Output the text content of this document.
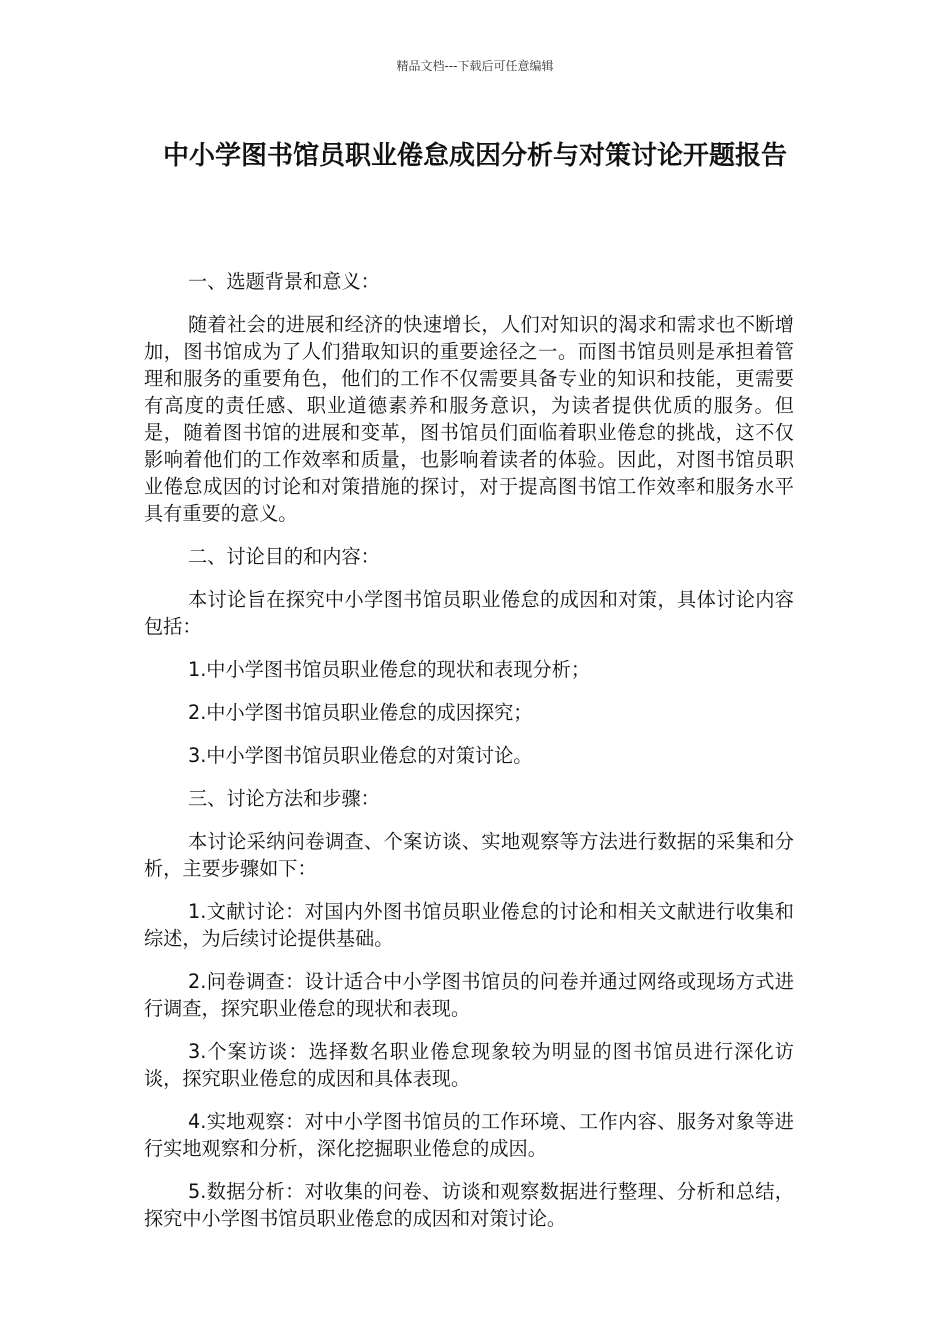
精品文档---下载后可任意编辑
中小学图书馆员职业倦怠成因分析与对策讨论开题报告

一、选题背景和意义：

随着社会的进展和经济的快速增长，人们对知识的渴求和需求也不断增加，图书馆成为了人们猎取知识的重要途径之一。而图书馆员则是承担着管理和服务的重要角色，他们的工作不仅需要具备专业的知识和技能，更需要有高度的责任感、职业道德素养和服务意识，为读者提供优质的服务。但是，随着图书馆的进展和变革，图书馆员们面临着职业倦怠的挑战，这不仅影响着他们的工作效率和质量，也影响着读者的体验。因此，对图书馆员职业倦怠成因的讨论和对策措施的探讨，对于提高图书馆工作效率和服务水平具有重要的意义。

二、讨论目的和内容：

本讨论旨在探究中小学图书馆员职业倦怠的成因和对策，具体讨论内容包括：

1.中小学图书馆员职业倦怠的现状和表现分析；

2.中小学图书馆员职业倦怠的成因探究；

3.中小学图书馆员职业倦怠的对策讨论。

三、讨论方法和步骤：

本讨论采纳问卷调查、个案访谈、实地观察等方法进行数据的采集和分析，主要步骤如下：

1.文献讨论：对国内外图书馆员职业倦怠的讨论和相关文献进行收集和综述，为后续讨论提供基础。

2.问卷调查：设计适合中小学图书馆员的问卷并通过网络或现场方式进行调查，探究职业倦怠的现状和表现。

3.个案访谈：选择数名职业倦怠现象较为明显的图书馆员进行深化访谈，探究职业倦怠的成因和具体表现。

4.实地观察：对中小学图书馆员的工作环境、工作内容、服务对象等进行实地观察和分析，深化挖掘职业倦怠的成因。

5.数据分析：对收集的问卷、访谈和观察数据进行整理、分析和总结，探究中小学图书馆员职业倦怠的成因和对策讨论。
